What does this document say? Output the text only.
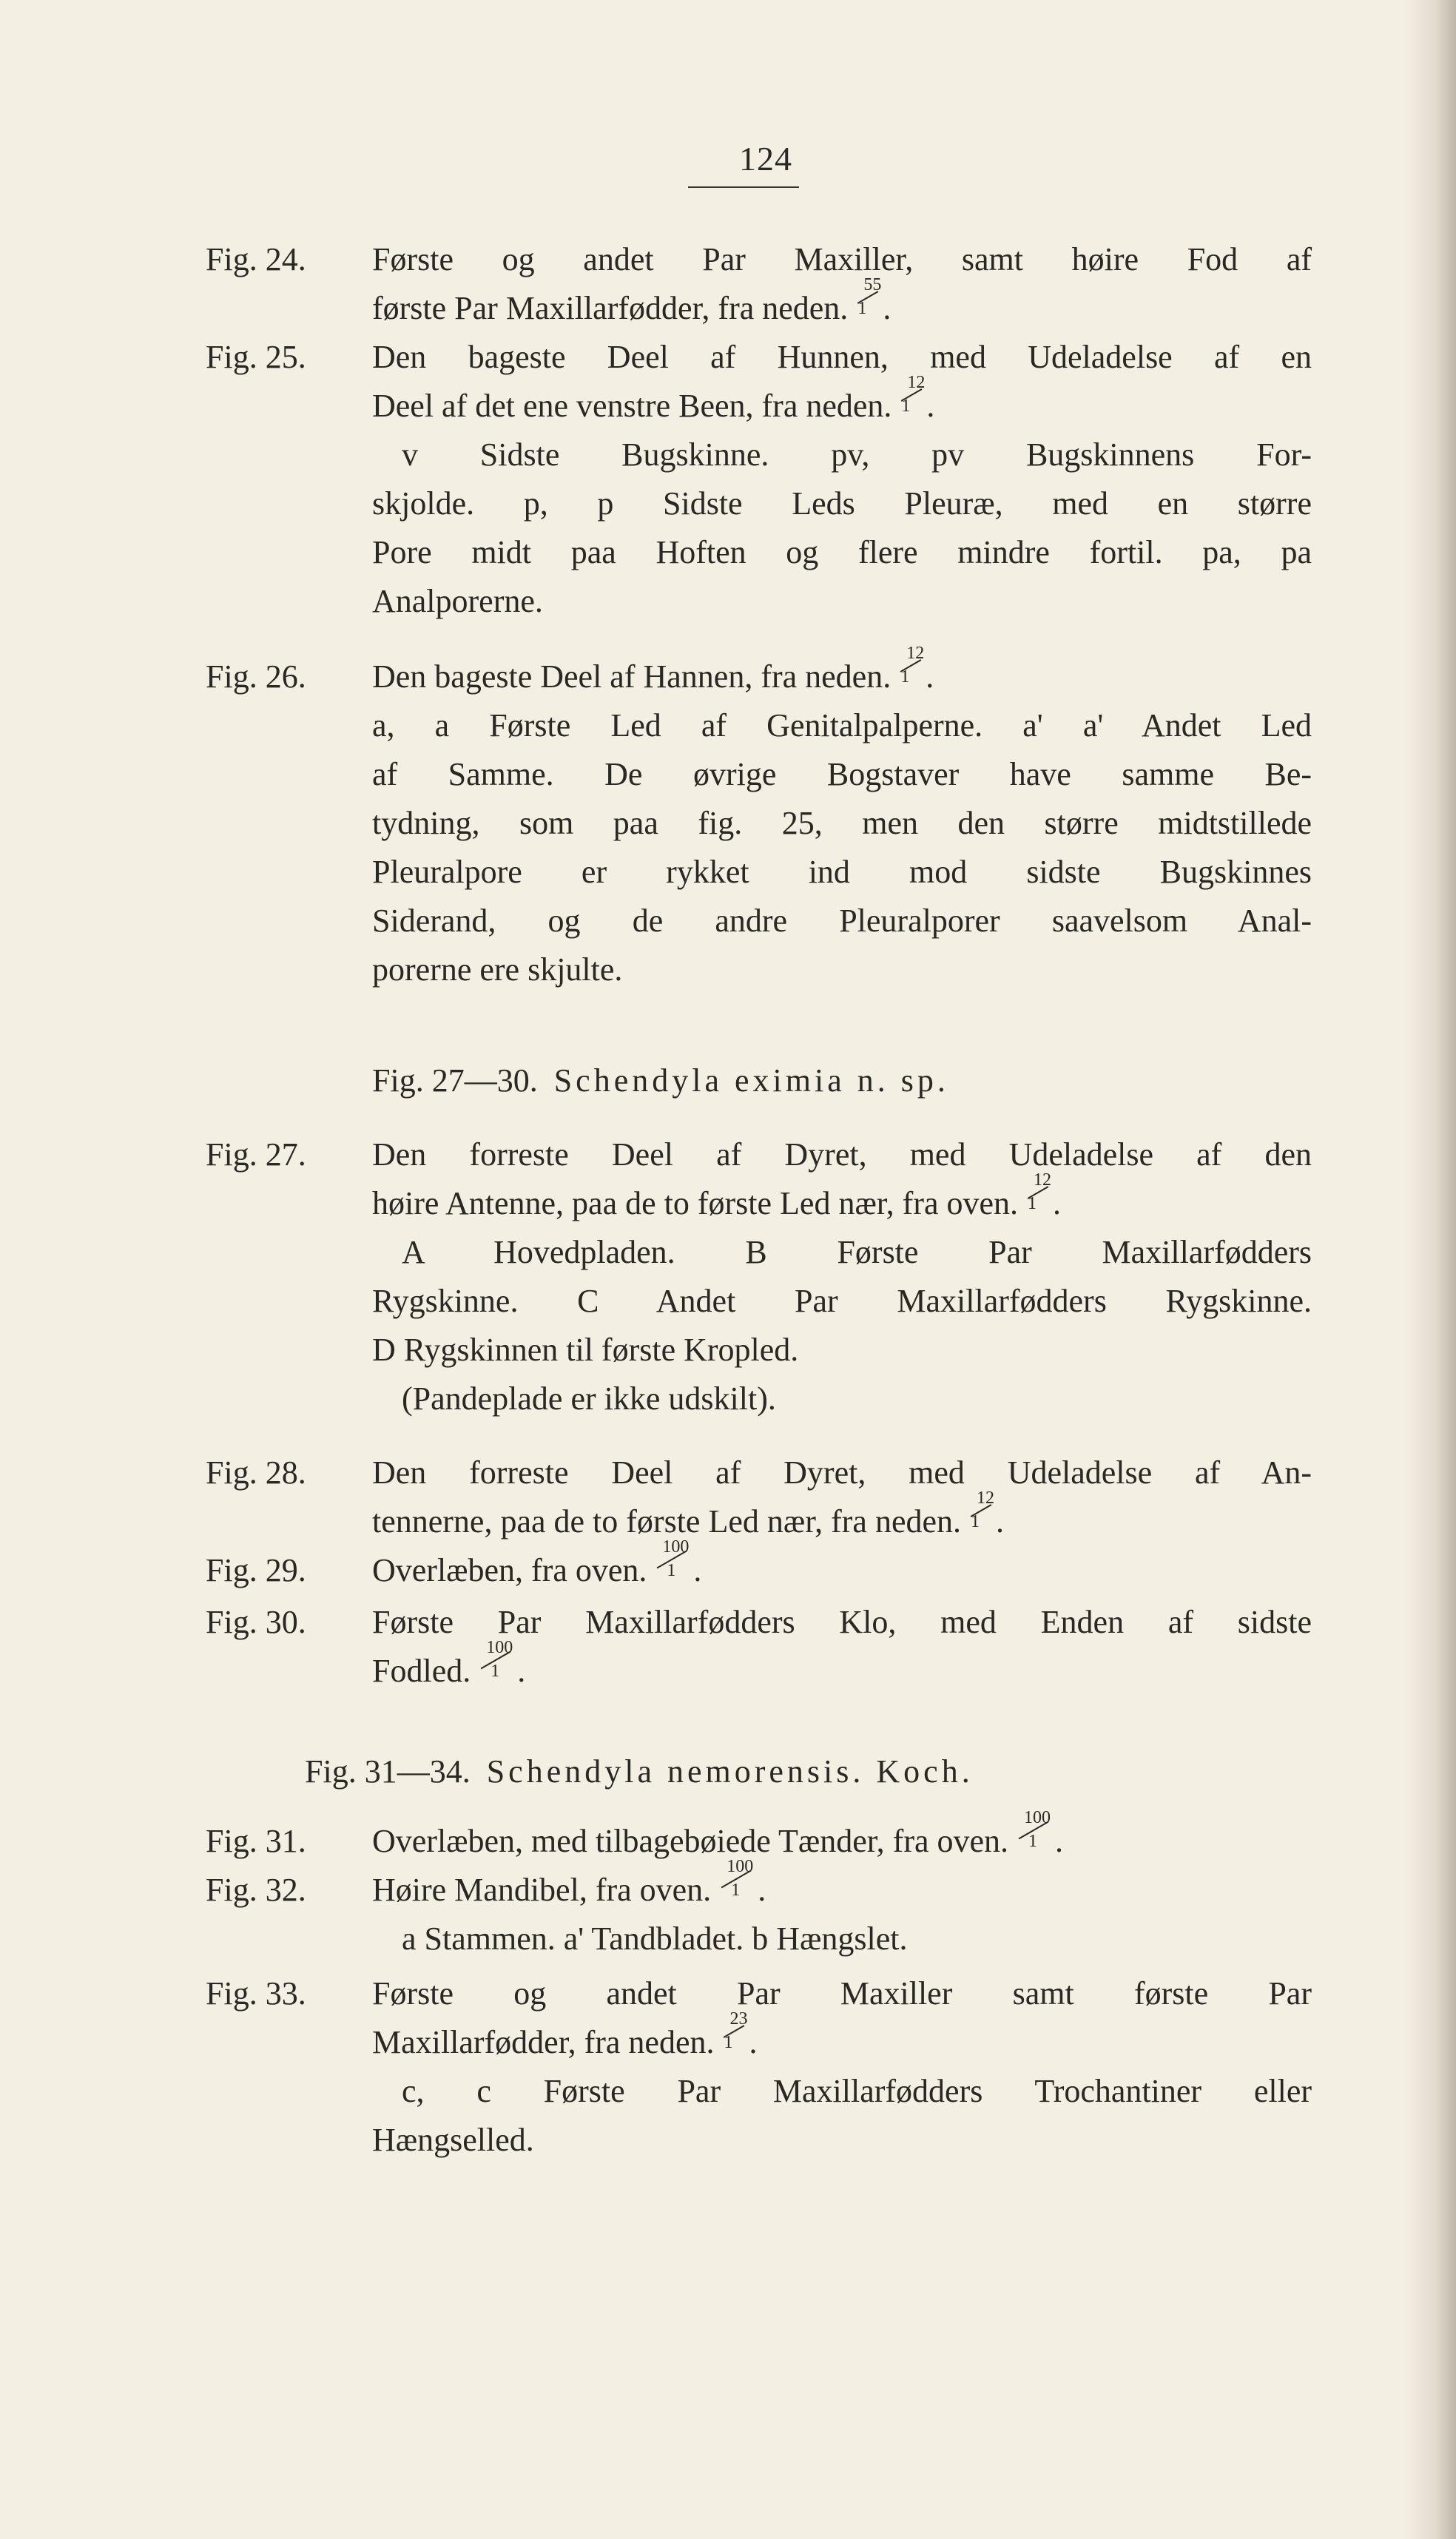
124
Fig. 24. Første og andet Par Maxiller, samt høire Fod af
første Par Maxillarfødder, fra neden.
55
1 .
Fig. 25. Den bageste Deel af Hunnen, med Udeladelse af en
Deel af det ene venstre Been, fra neden.
12
1 .
v Sidste Bugskinne. pv, pv Bugskinnens For-
skjolde. p, p Sidste Leds Pleuræ, med en større
Pore midt paa Hoften og flere mindre fortil. pa, pa
Analporerne.
Fig. 26. Den bageste Deel af Hannen, fra neden.
12
1 .
a, a Første Led af Genitalpalperne. a' a' Andet Led
af Samme. De øvrige Bogstaver have samme Be-
tydning, som paa fig. 25, men den større midtstillede
Pleuralpore er rykket ind mod sidste Bugskinnes
Siderand, og de andre Pleuralporer saavelsom Anal-
porerne ere skjulte.
Fig. 27—30. Schendyla eximia n. sp.
Fig. 27. Den forreste Deel af Dyret, med Udeladelse af den
høire Antenne, paa de to første Led nær, fra oven.
12
1 .
A Hovedpladen. B Første Par Maxillarfødders
Rygskinne. C Andet Par Maxillarfødders Rygskinne.
D Rygskinnen til første Kropled.
(Pandeplade er ikke udskilt).
Fig. 28. Den forreste Deel af Dyret, med Udeladelse af An-
tennerne, paa de to første Led nær, fra neden.
12
1 .
Fig. 29. Overlæben, fra oven.
100
1 .
Fig. 30. Første Par Maxillarfødders Klo, med Enden af sidste
Fodled.
100
1 .
Fig. 31—34. Schendyla nemorensis. Koch.
Fig. 31. Overlæben, med tilbagebøiede Tænder, fra oven.
100
1 .
Fig. 32. Høire Mandibel, fra oven.
100
1 .
a Stammen. a' Tandbladet. b Hængslet.
Fig. 33. Første og andet Par Maxiller samt første Par
Maxillarfødder, fra neden.
23
1 .
c, c Første Par Maxillarfødders Trochantiner eller
Hængselled.
